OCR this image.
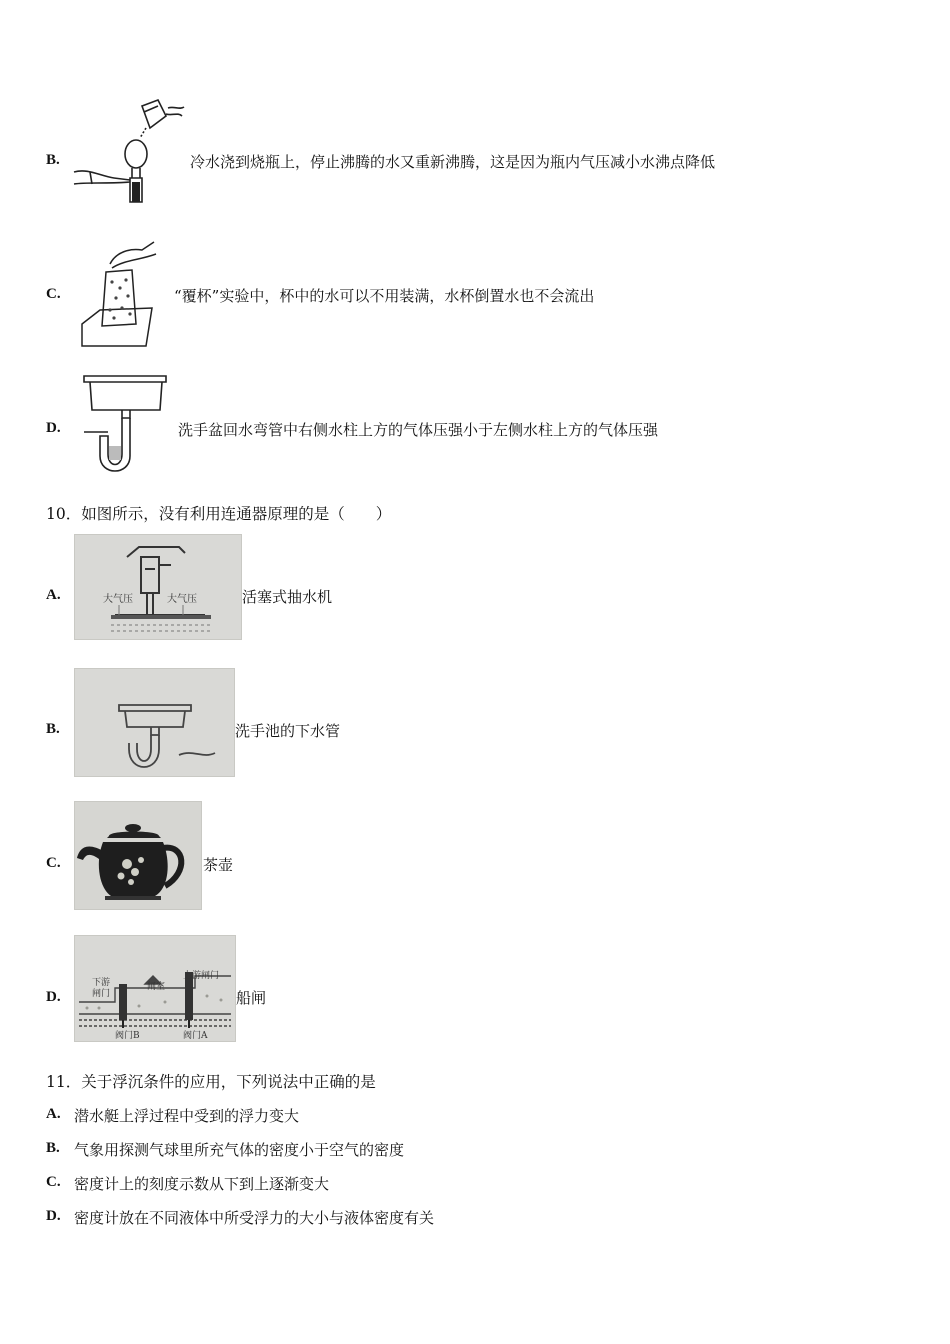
B.	冷水浇到烧瓶上，停止沸腾的水又重新沸腾，这是因为瓶内气压减小水沸点降低
C.	“覆杯”实验中，杯中的水可以不用装满，水杯倒置水也不会流出
D.	洗手盆回水弯管中右侧水柱上方的气体压强小于左侧水柱上方的气体压强
10．如图所示，没有利用连通器原理的是（　　）
A.	大气压	大气压	活塞式抽水机
B.	洗手池的下水管
C.	茶壶
D.
下游
闸门
闸室
上游闸门
阀门B	阀门A
船闸
11．关于浮沉条件的应用，下列说法中正确的是
A. 潜水艇上浮过程中受到的浮力变大
B. 气象用探测气球里所充气体的密度小于空气的密度
C. 密度计上的刻度示数从下到上逐渐变大
D. 密度计放在不同液体中所受浮力的大小与液体密度有关
